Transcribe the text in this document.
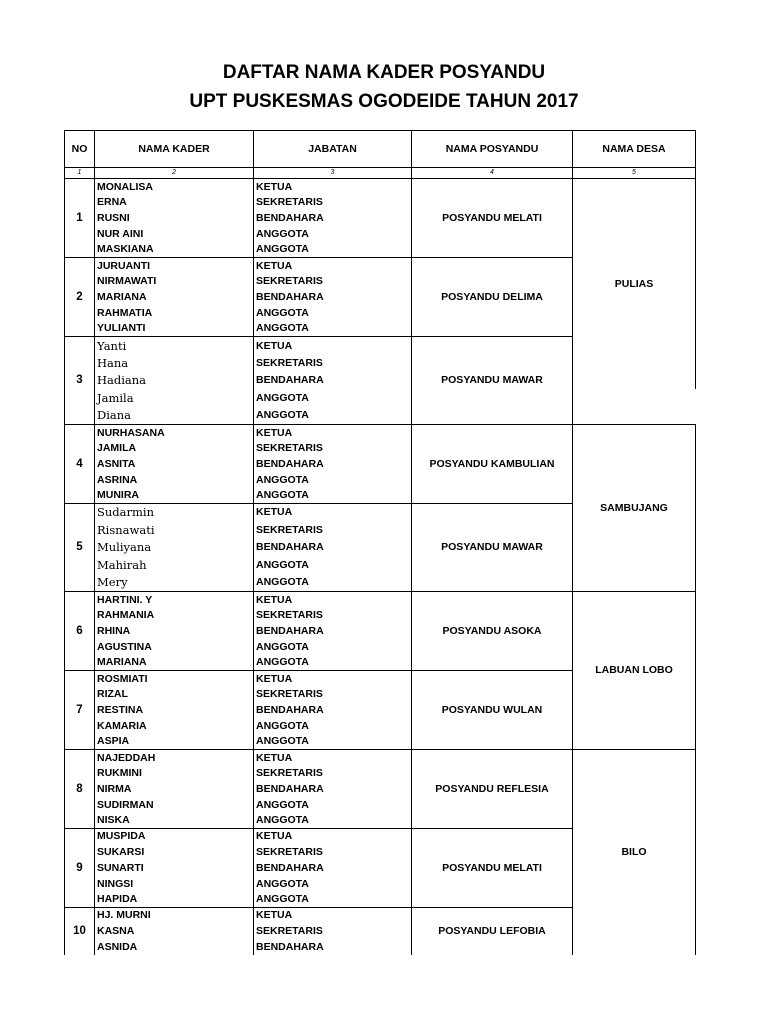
DAFTAR NAMA KADER POSYANDU
UPT PUSKESMAS OGODEIDE TAHUN 2017
NO	NAMA KADER	JABATAN	NAMA POSYANDU	NAMA DESA
1	2	3	4	5
1	MONALISA	KETUA	POSYANDU MELATI	PULIAS
	ERNA	SEKRETARIS		
	RUSNI	BENDAHARA		
	NUR AINI	ANGGOTA		
	MASKIANA	ANGGOTA		
2	JURUANTI	KETUA	POSYANDU DELIMA	
	NIRMAWATI	SEKRETARIS		
	MARIANA	BENDAHARA		
	RAHMATIA	ANGGOTA		
	YULIANTI	ANGGOTA		
3	Yanti	KETUA	POSYANDU MAWAR	
	Hana	SEKRETARIS		
	Hadiana	BENDAHARA		
	Jamila	ANGGOTA		
	Diana	ANGGOTA		
4	NURHASANA	KETUA	POSYANDU KAMBULIAN	SAMBUJANG
	JAMILA	SEKRETARIS		
	ASNITA	BENDAHARA		
	ASRINA	ANGGOTA		
	MUNIRA	ANGGOTA		
5	Sudarmin	KETUA	POSYANDU MAWAR	
	Risnawati	SEKRETARIS		
	Muliyana	BENDAHARA		
	Mahirah	ANGGOTA		
	Mery	ANGGOTA		
6	HARTINI. Y	KETUA	POSYANDU ASOKA	LABUAN LOBO
	RAHMANIA	SEKRETARIS		
	RHINA	BENDAHARA		
	AGUSTINA	ANGGOTA		
	MARIANA	ANGGOTA		
7	ROSMIATI	KETUA	POSYANDU WULAN	
	RIZAL	SEKRETARIS		
	RESTINA	BENDAHARA		
	KAMARIA	ANGGOTA		
	ASPIA	ANGGOTA		
8	NAJEDDAH	KETUA	POSYANDU REFLESIA	BILO
	RUKMINI	SEKRETARIS		
	NIRMA	BENDAHARA		
	SUDIRMAN	ANGGOTA		
	NISKA	ANGGOTA		
9	MUSPIDA	KETUA	POSYANDU MELATI	
	SUKARSI	SEKRETARIS		
	SUNARTI	BENDAHARA		
	NINGSI	ANGGOTA		
	HAPIDA	ANGGOTA		
10	HJ. MURNI	KETUA	POSYANDU LEFOBIA	
	KASNA	SEKRETARIS		
	ASNIDA	BENDAHARA		
